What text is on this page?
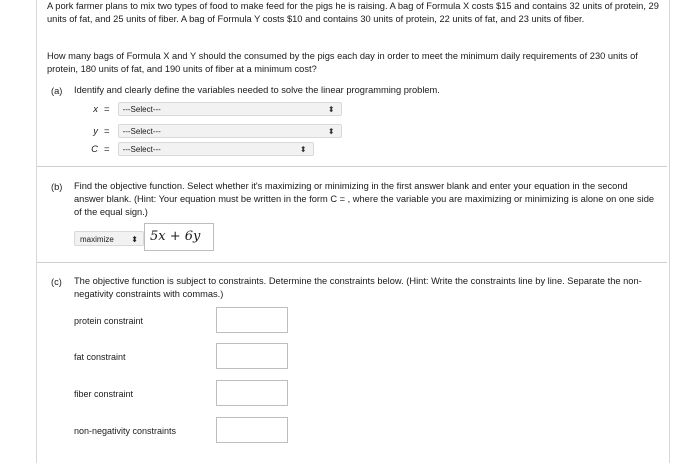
A pork farmer plans to mix two types of food to make feed for the pigs he is raising. A bag of Formula X costs $15 and contains 32 units of protein, 29 units of fat, and 25 units of fiber. A bag of Formula Y costs $10 and contains 30 units of protein, 22 units of fat, and 23 units of fiber.
How many bags of Formula X and Y should the consumed by the pigs each day in order to meet the minimum daily requirements of 230 units of protein, 180 units of fat, and 190 units of fiber at a minimum cost?
(a) Identify and clearly define the variables needed to solve the linear programming problem.
x =	---Select---	⬍
y =	---Select---	⬍
C =	---Select---	⬍
(b) Find the objective function. Select whether it's maximizing or minimizing in the first answer blank and enter your equation in the second answer blank. (Hint: Your equation must be written in the form C = , where the variable you are maximizing or minimizing is alone on one side of the equal sign.)
maximize ⬍ 5x + 6y
(c) The objective function is subject to constraints. Determine the constraints below. (Hint: Write the constraints line by line. Separate the non-negativity constraints with commas.)
protein constraint
fat constraint
fiber constraint
non-negativity constraints
